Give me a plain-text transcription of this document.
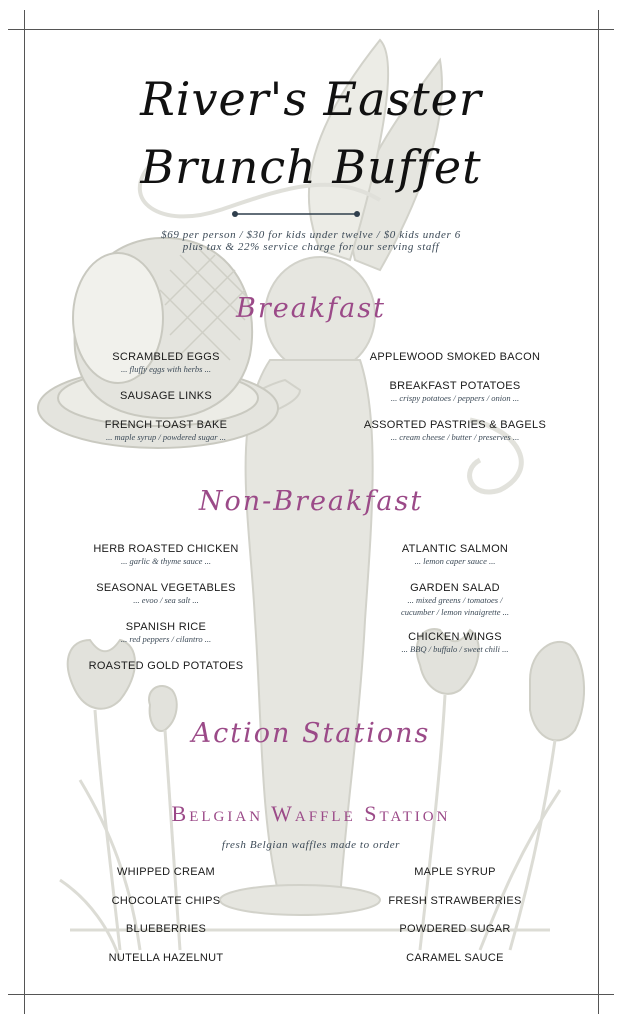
River's Easter
Brunch Buffet
$69 per person / $30 for kids under twelve / $0 kids under 6
plus tax & 22% service charge for our serving staff
Breakfast
SCRAMBLED EGGS
... fluffy eggs with herbs ...
SAUSAGE LINKS
FRENCH TOAST BAKE
... maple syrup / powdered sugar ...
APPLEWOOD SMOKED BACON
BREAKFAST POTATOES
... crispy potatoes / peppers / onion ...
ASSORTED PASTRIES & BAGELS
... cream cheese / butter / preserves ...
Non-Breakfast
HERB ROASTED CHICKEN
... garlic & thyme sauce ...
SEASONAL VEGETABLES
... evoo / sea salt ...
SPANISH RICE
... red peppers / cilantro ...
ROASTED GOLD POTATOES
ATLANTIC SALMON
... lemon caper sauce ...
GARDEN SALAD
... mixed greens / tomatoes /
cucumber / lemon vinaigrette ...
CHICKEN WINGS
... BBQ / buffalo / sweet chili ...
Action Stations
Belgian Waffle Station
fresh Belgian waffles made to order
WHIPPED CREAM
CHOCOLATE CHIPS
BLUEBERRIES
NUTELLA HAZELNUT
MAPLE SYRUP
FRESH STRAWBERRIES
POWDERED SUGAR
CARAMEL SAUCE
